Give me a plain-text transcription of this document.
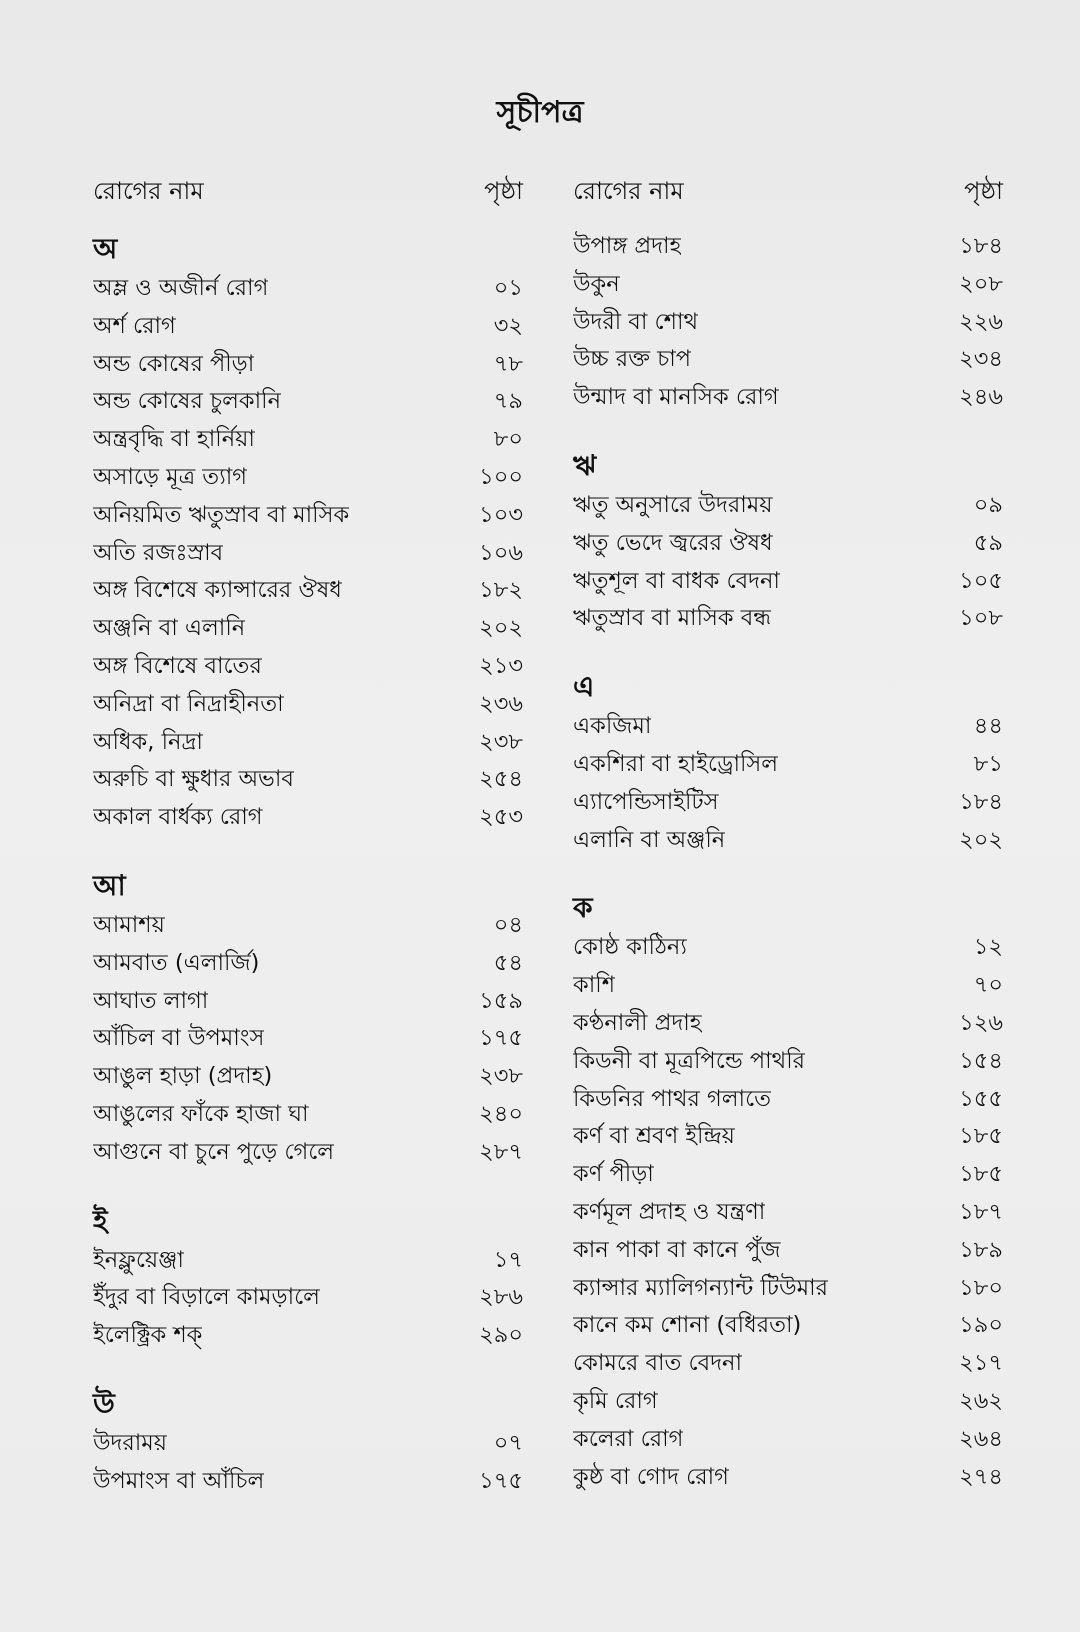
সূচীপত্র
রোগের নাম	পৃষ্ঠা
অ
অম্ল ও অজীর্ন রোগ	০১
অর্শ রোগ	৩২
অন্ড কোষের পীড়া	৭৮
অন্ড কোষের চুলকানি	৭৯
অন্ত্রবৃদ্ধি বা হার্নিয়া	৮০
অসাড়ে মূত্র ত্যাগ	১০০
অনিয়মিত ঋতুস্রাব বা মাসিক	১০৩
অতি রজঃস্রাব	১০৬
অঙ্গ বিশেষে ক্যান্সারের ঔষধ	১৮২
অঞ্জনি বা এলানি	২০২
অঙ্গ বিশেষে বাতের	২১৩
অনিদ্রা বা নিদ্রাহীনতা	২৩৬
অধিক, নিদ্রা	২৩৮
অরুচি বা ক্ষুধার অভাব	২৫৪
অকাল বার্ধক্য রোগ	২৫৩
আ
আমাশয়	০৪
আমবাত (এলার্জি)	৫৪
আঘাত লাগা	১৫৯
আঁচিল বা উপমাংস	১৭৫
আঙুল হাড়া (প্রদাহ)	২৩৮
আঙুলের ফাঁকে হাজা ঘা	২৪০
আগুনে বা চুনে পুড়ে গেলে	২৮৭
ই
ইনফ্লুয়েঞ্জা	১৭
ইঁদুর বা বিড়ালে কামড়ালে	২৮৬
ইলেক্ট্রিক শক্	২৯০
উ
উদরাময়	০৭
উপমাংস বা আঁচিল	১৭৫
রোগের নাম	পৃষ্ঠা
উপাঙ্গ প্রদাহ	১৮৪
উকুন	২০৮
উদরী বা শোথ	২২৬
উচ্চ রক্ত চাপ	২৩৪
উন্মাদ বা মানসিক রোগ	২৪৬
ঋ
ঋতু অনুসারে উদরাময়	০৯
ঋতু ভেদে জ্বরের ঔষধ	৫৯
ঋতুশূল বা বাধক বেদনা	১০৫
ঋতুস্রাব বা মাসিক বন্ধ	১০৮
এ
একজিমা	৪৪
একশিরা বা হাইড্রোসিল	৮১
এ্যাপেন্ডিসাইটিস	১৮৪
এলানি বা অঞ্জনি	২০২
ক
কোষ্ঠ কাঠিন্য	১২
কাশি	৭০
কণ্ঠনালী প্রদাহ	১২৬
কিডনী বা মূত্রপিন্ডে পাথরি	১৫৪
কিডনির পাথর গলাতে	১৫৫
কর্ণ বা শ্রবণ ইন্দ্রিয়	১৮৫
কর্ণ পীড়া	১৮৫
কর্ণমূল প্রদাহ ও যন্ত্রণা	১৮৭
কান পাকা বা কানে পুঁজ	১৮৯
ক্যান্সার ম্যালিগন্যান্ট টিউমার	১৮০
কানে কম শোনা (বধিরতা)	১৯০
কোমরে বাত বেদনা	২১৭
কৃমি রোগ	২৬২
কলেরা রোগ	২৬৪
কুষ্ঠ বা গোদ রোগ	২৭৪
